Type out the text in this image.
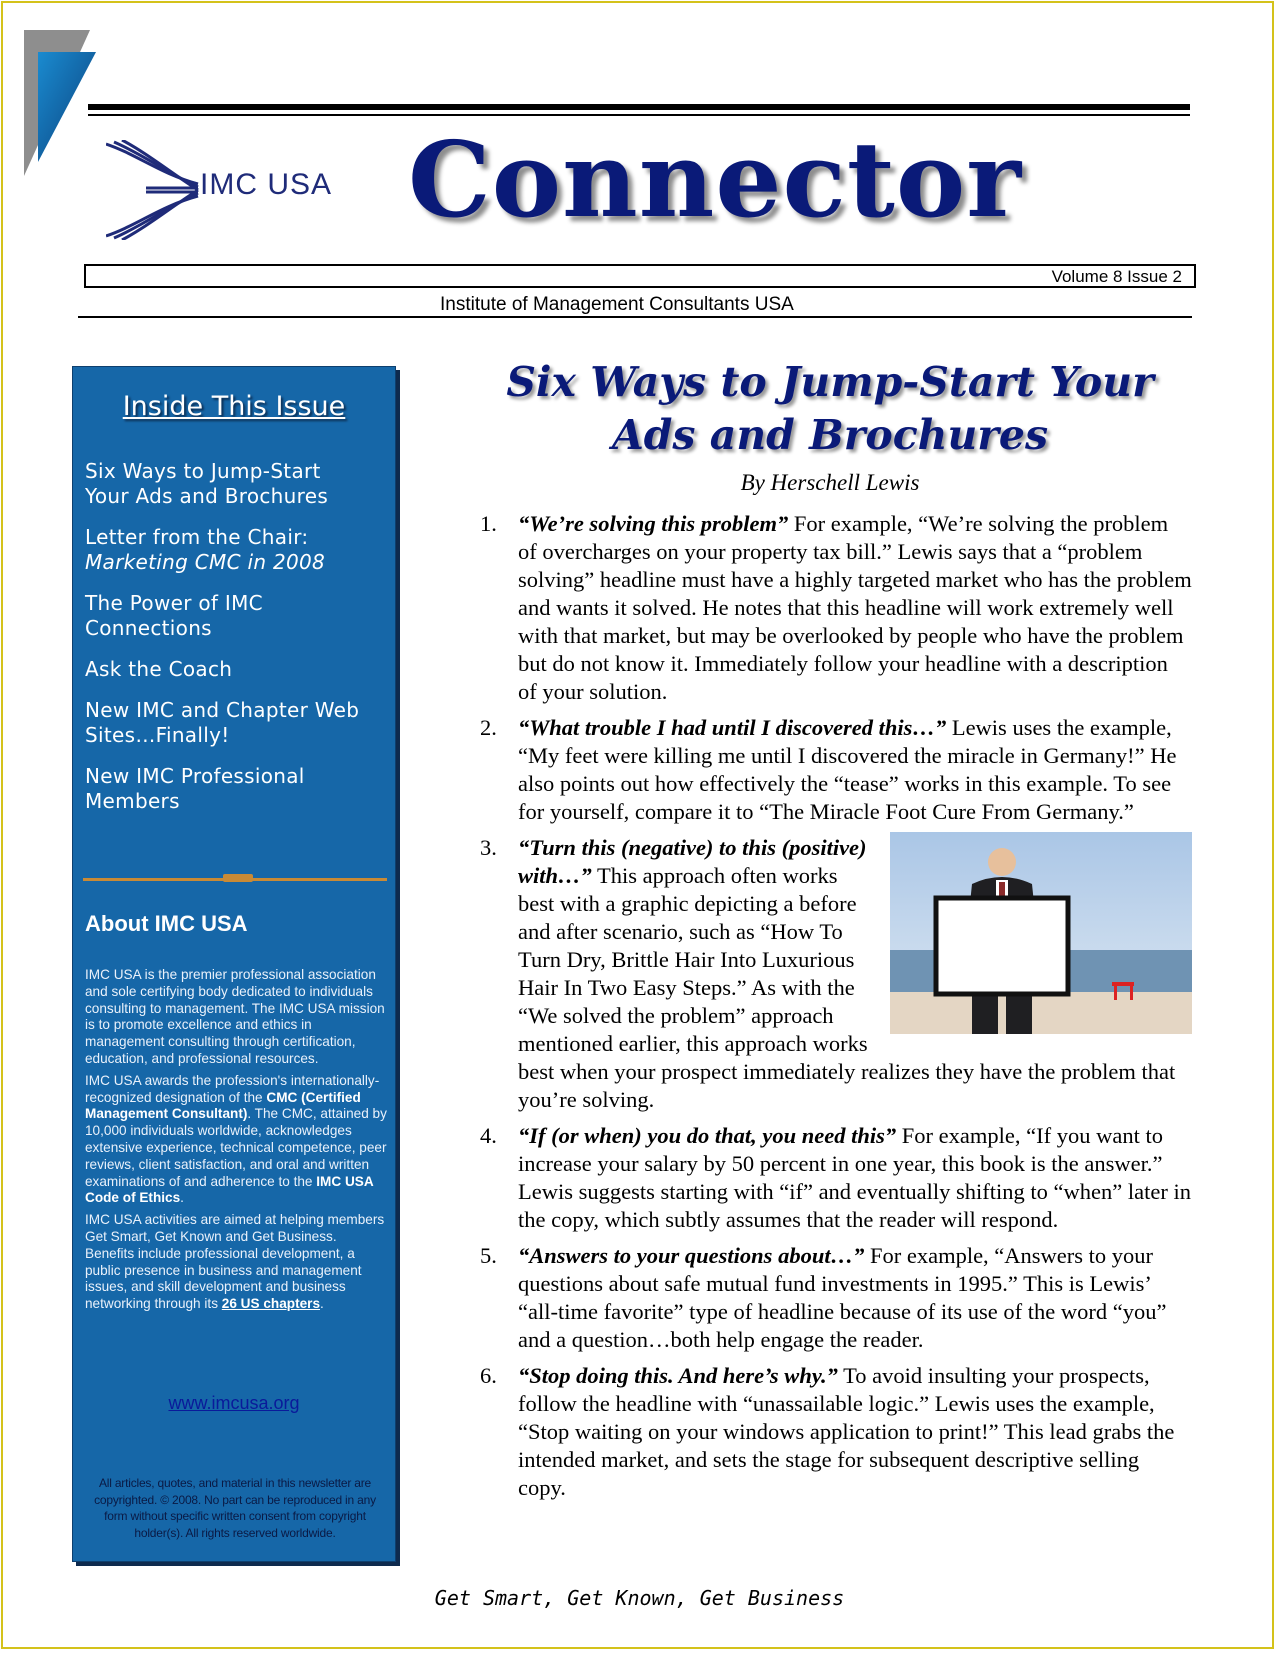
IMC USA Connector
Volume 8 Issue 2
Institute of Management Consultants USA
Inside This Issue
Six Ways to Jump-Start
Your Ads and Brochures
Letter from the Chair:
Marketing CMC in 2008
The Power of IMC
Connections
Ask the Coach
New IMC and Chapter Web
Sites…Finally!
New IMC Professional
Members
About IMC USA

IMC USA is the premier professional association and sole certifying body dedicated to individuals consulting to management. The IMC USA mission is to promote excellence and ethics in management consulting through certification, education, and professional resources.

IMC USA awards the profession's internationally-recognized designation of the CMC (Certified Management Consultant). The CMC, attained by 10,000 individuals worldwide, acknowledges extensive experience, technical competence, peer reviews, client satisfaction, and oral and written examinations of and adherence to the IMC USA Code of Ethics.

IMC USA activities are aimed at helping members Get Smart, Get Known and Get Business. Benefits include professional development, a public presence in business and management issues, and skill development and business networking through its 26 US chapters.

www.imcusa.org
All articles, quotes, and material in this newsletter are copyrighted. © 2008. No part can be reproduced in any form without specific written consent from copyright holder(s). All rights reserved worldwide.
Six Ways to Jump-Start Your Ads and Brochures
By Herschell Lewis
1. “We’re solving this problem” For example, “We’re solving the problem of overcharges on your property tax bill.” Lewis says that a “problem solving” headline must have a highly targeted market who has the problem and wants it solved. He notes that this headline will work extremely well with that market, but may be overlooked by people who have the problem but do not know it. Immediately follow your headline with a description of your solution.
2. “What trouble I had until I discovered this…” Lewis uses the example, “My feet were killing me until I discovered the miracle in Germany!” He also points out how effectively the “tease” works in this example. To see for yourself, compare it to “The Miracle Foot Cure From Germany.”
3. “Turn this (negative) to this (positive) with…” This approach often works best with a graphic depicting a before and after scenario, such as “How To Turn Dry, Brittle Hair Into Luxurious Hair In Two Easy Steps.” As with the “We solved the problem” approach mentioned earlier, this approach works best when your prospect immediately realizes they have the problem that you’re solving.
4. “If (or when) you do that, you need this” For example, “If you want to increase your salary by 50 percent in one year, this book is the answer.” Lewis suggests starting with “if” and eventually shifting to “when” later in the copy, which subtly assumes that the reader will respond.
5. “Answers to your questions about…” For example, “Answers to your questions about safe mutual fund investments in 1995.” This is Lewis’ “all-time favorite” type of headline because of its use of the word “you” and a question…both help engage the reader.
6. “Stop doing this. And here’s why.” To avoid insulting your prospects, follow the headline with “unassailable logic.” Lewis uses the example, “Stop waiting on your windows application to print!” This lead grabs the intended market, and sets the stage for subsequent descriptive selling copy.
Get Smart, Get Known, Get Business
